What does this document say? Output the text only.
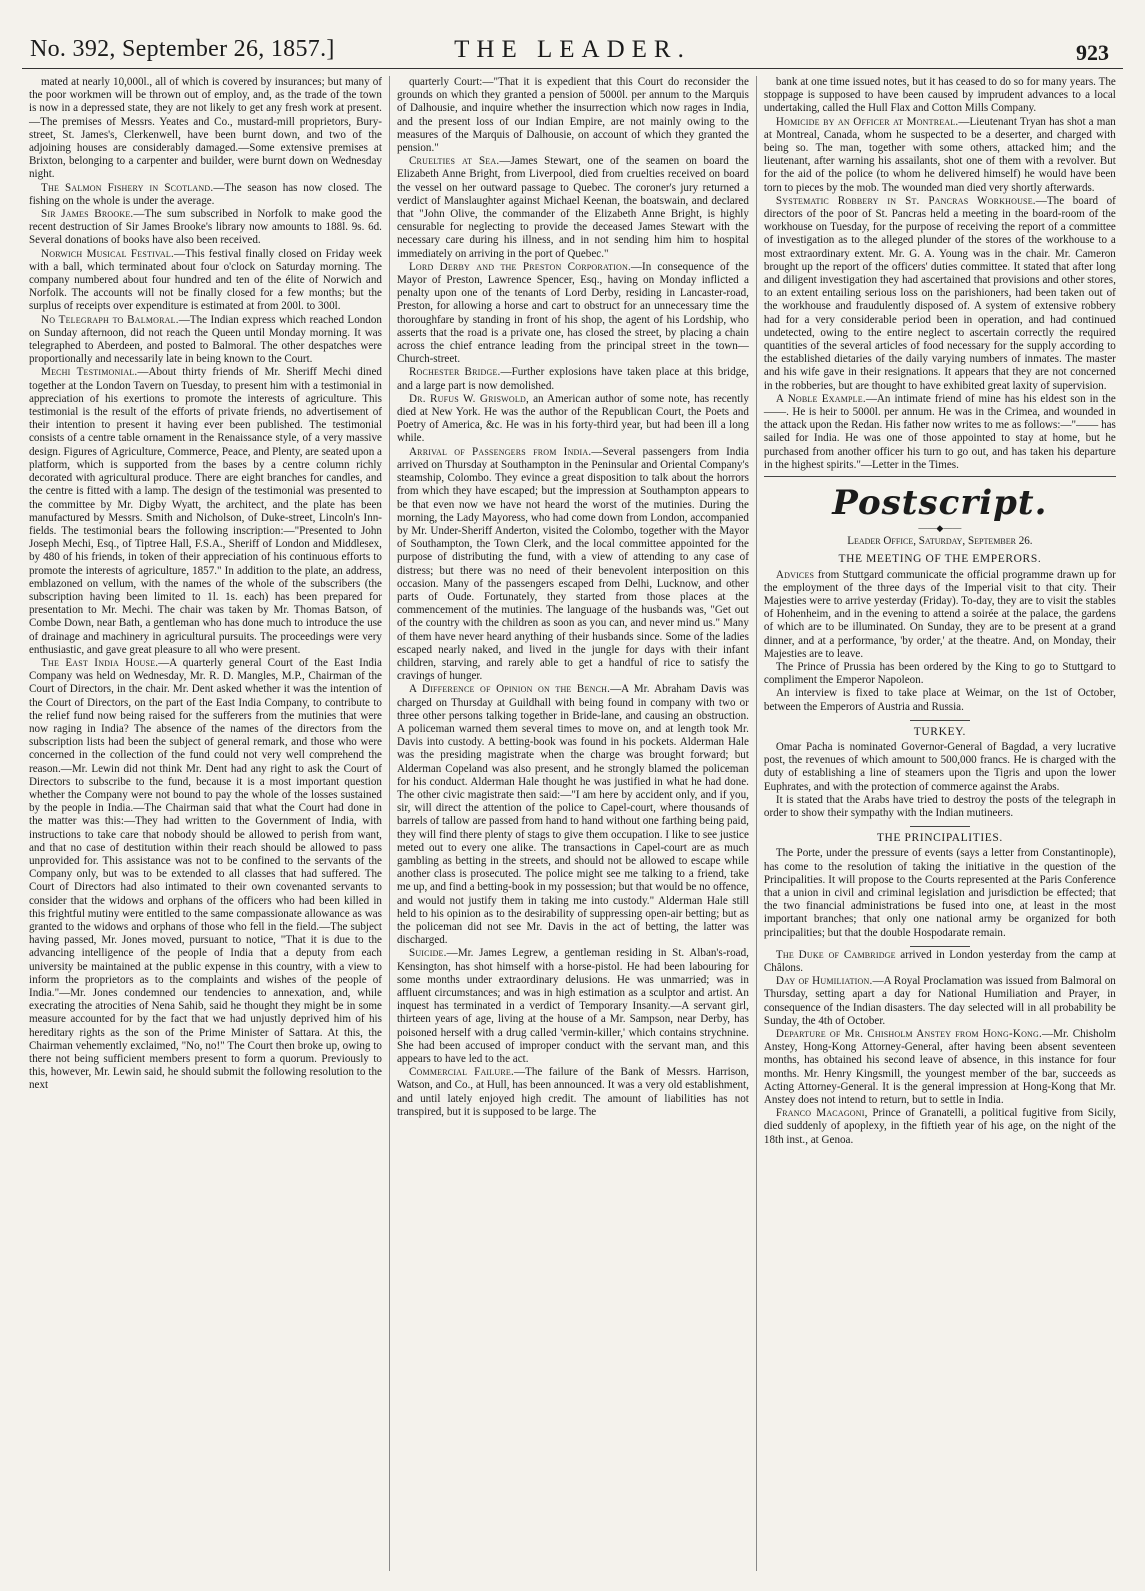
No. 392, September 26, 1857.]	THE LEADER.	923

mated at nearly 10,000l., all of which is covered by insurances; but many of the poor workmen will be thrown out of employ, and, as the trade of the town is now in a depressed state, they are not likely to get any fresh work at present.—The premises of Messrs. Yeates and Co., mustard-mill proprietors, Bury-street, St. James's, Clerkenwell, have been burnt down, and two of the adjoining houses are considerably damaged.—Some extensive premises at Brixton, belonging to a carpenter and builder, were burnt down on Wednesday night.

The Salmon Fishery in Scotland.—The season has now closed. The fishing on the whole is under the average.

Sir James Brooke.—The sum subscribed in Norfolk to make good the recent destruction of Sir James Brooke's library now amounts to 188l. 9s. 6d. Several donations of books have also been received.

Norwich Musical Festival.—This festival finally closed on Friday week with a ball, which terminated about four o'clock on Saturday morning. The company numbered about four hundred and ten of the élite of Norwich and Norfolk. The accounts will not be finally closed for a few months; but the surplus of receipts over expenditure is estimated at from 200l. to 300l.

No Telegraph to Balmoral.—The Indian express which reached London on Sunday afternoon, did not reach the Queen until Monday morning. It was telegraphed to Aberdeen, and posted to Balmoral. The other despatches were proportionally and necessarily late in being known to the Court.

Mechi Testimonial.—About thirty friends of Mr. Sheriff Mechi dined together at the London Tavern on Tuesday, to present him with a testimonial in appreciation of his exertions to promote the interests of agriculture. This testimonial is the result of the efforts of private friends, no advertisement of their intention to present it having ever been published. The testimonial consists of a centre table ornament in the Renaissance style, of a very massive design. Figures of Agriculture, Commerce, Peace, and Plenty, are seated upon a platform, which is supported from the bases by a centre column richly decorated with agricultural produce. There are eight branches for candles, and the centre is fitted with a lamp. The design of the testimonial was presented to the committee by Mr. Digby Wyatt, the architect, and the plate has been manufactured by Messrs. Smith and Nicholson, of Duke-street, Lincoln's Inn-fields. The testimonial bears the following inscription:—"Presented to John Joseph Mechi, Esq., of Tiptree Hall, F.S.A., Sheriff of London and Middlesex, by 480 of his friends, in token of their appreciation of his continuous efforts to promote the interests of agriculture, 1857." In addition to the plate, an address, emblazoned on vellum, with the names of the whole of the subscribers (the subscription having been limited to 1l. 1s. each) has been prepared for presentation to Mr. Mechi. The chair was taken by Mr. Thomas Batson, of Combe Down, near Bath, a gentleman who has done much to introduce the use of drainage and machinery in agricultural pursuits. The proceedings were very enthusiastic, and gave great pleasure to all who were present.

The East India House.—A quarterly general Court of the East India Company was held on Wednesday, Mr. R. D. Mangles, M.P., Chairman of the Court of Directors, in the chair. Mr. Dent asked whether it was the intention of the Court of Directors, on the part of the East India Company, to contribute to the relief fund now being raised for the sufferers from the mutinies that were now raging in India? The absence of the names of the directors from the subscription lists had been the subject of general remark, and those who were concerned in the collection of the fund could not very well comprehend the reason.—Mr. Lewin did not think Mr. Dent had any right to ask the Court of Directors to subscribe to the fund, because it is a most important question whether the Company were not bound to pay the whole of the losses sustained by the people in India.—The Chairman said that what the Court had done in the matter was this:—They had written to the Government of India, with instructions to take care that nobody should be allowed to perish from want, and that no case of destitution within their reach should be allowed to pass unprovided for. This assistance was not to be confined to the servants of the Company only, but was to be extended to all classes that had suffered. The Court of Directors had also intimated to their own covenanted servants to consider that the widows and orphans of the officers who had been killed in this frightful mutiny were entitled to the same compassionate allowance as was granted to the widows and orphans of those who fell in the field.—The subject having passed, Mr. Jones moved, pursuant to notice, "That it is due to the advancing intelligence of the people of India that a deputy from each university be maintained at the public expense in this country, with a view to inform the proprietors as to the complaints and wishes of the people of India."—Mr. Jones condemned our tendencies to annexation, and, while execrating the atrocities of Nena Sahib, said he thought they might be in some measure accounted for by the fact that we had unjustly deprived him of his hereditary rights as the son of the Prime Minister of Sattara. At this, the Chairman vehemently exclaimed, "No, no!" The Court then broke up, owing to there not being sufficient members present to form a quorum. Previously to this, however, Mr. Lewin said, he should submit the following resolution to the next

quarterly Court:—"That it is expedient that this Court do reconsider the grounds on which they granted a pension of 5000l. per annum to the Marquis of Dalhousie, and inquire whether the insurrection which now rages in India, and the present loss of our Indian Empire, are not mainly owing to the measures of the Marquis of Dalhousie, on account of which they granted the pension."

Cruelties at Sea.—James Stewart, one of the seamen on board the Elizabeth Anne Bright, from Liverpool, died from cruelties received on board the vessel on her outward passage to Quebec. The coroner's jury returned a verdict of Manslaughter against Michael Keenan, the boatswain, and declared that "John Olive, the commander of the Elizabeth Anne Bright, is highly censurable for neglecting to provide the deceased James Stewart with the necessary care during his illness, and in not sending him him to hospital immediately on arriving in the port of Quebec."

Lord Derby and the Preston Corporation.—In consequence of the Mayor of Preston, Lawrence Spencer, Esq., having on Monday inflicted a penalty upon one of the tenants of Lord Derby, residing in Lancaster-road, Preston, for allowing a horse and cart to obstruct for an unnecessary time the thoroughfare by standing in front of his shop, the agent of his Lordship, who asserts that the road is a private one, has closed the street, by placing a chain across the chief entrance leading from the principal street in the town—Church-street.

Rochester Bridge.—Further explosions have taken place at this bridge, and a large part is now demolished.

Dr. Rufus W. Griswold, an American author of some note, has recently died at New York. He was the author of the Republican Court, the Poets and Poetry of America, &c. He was in his forty-third year, but had been ill a long while.

Arrival of Passengers from India.—Several passengers from India arrived on Thursday at Southampton in the Peninsular and Oriental Company's steamship, Colombo. They evince a great disposition to talk about the horrors from which they have escaped; but the impression at Southampton appears to be that even now we have not heard the worst of the mutinies. During the morning, the Lady Mayoress, who had come down from London, accompanied by Mr. Under-Sheriff Anderton, visited the Colombo, together with the Mayor of Southampton, the Town Clerk, and the local committee appointed for the purpose of distributing the fund, with a view of attending to any case of distress; but there was no need of their benevolent interposition on this occasion. Many of the passengers escaped from Delhi, Lucknow, and other parts of Oude. Fortunately, they started from those places at the commencement of the mutinies. The language of the husbands was, "Get out of the country with the children as soon as you can, and never mind us." Many of them have never heard anything of their husbands since. Some of the ladies escaped nearly naked, and lived in the jungle for days with their infant children, starving, and rarely able to get a handful of rice to satisfy the cravings of hunger.

A Difference of Opinion on the Bench.—A Mr. Abraham Davis was charged on Thursday at Guildhall with being found in company with two or three other persons talking together in Bride-lane, and causing an obstruction. A policeman warned them several times to move on, and at length took Mr. Davis into custody. A betting-book was found in his pockets. Alderman Hale was the presiding magistrate when the charge was brought forward; but Alderman Copeland was also present, and he strongly blamed the policeman for his conduct. Alderman Hale thought he was justified in what he had done. The other civic magistrate then said:—"I am here by accident only, and if you, sir, will direct the attention of the police to Capel-court, where thousands of barrels of tallow are passed from hand to hand without one farthing being paid, they will find there plenty of stags to give them occupation. I like to see justice meted out to every one alike. The transactions in Capel-court are as much gambling as betting in the streets, and should not be allowed to escape while another class is prosecuted. The police might see me talking to a friend, take me up, and find a betting-book in my possession; but that would be no offence, and would not justify them in taking me into custody." Alderman Hale still held to his opinion as to the desirability of suppressing open-air betting; but as the policeman did not see Mr. Davis in the act of betting, the latter was discharged.

Suicide.—Mr. James Legrew, a gentleman residing in St. Alban's-road, Kensington, has shot himself with a horse-pistol. He had been labouring for some months under extraordinary delusions. He was unmarried; was in affluent circumstances; and was in high estimation as a sculptor and artist. An inquest has terminated in a verdict of Temporary Insanity.—A servant girl, thirteen years of age, living at the house of a Mr. Sampson, near Derby, has poisoned herself with a drug called 'vermin-killer,' which contains strychnine. She had been accused of improper conduct with the servant man, and this appears to have led to the act.

Commercial Failure.—The failure of the Bank of Messrs. Harrison, Watson, and Co., at Hull, has been announced. It was a very old establishment, and until lately enjoyed high credit. The amount of liabilities has not transpired, but it is supposed to be large. The

bank at one time issued notes, but it has ceased to do so for many years. The stoppage is supposed to have been caused by imprudent advances to a local undertaking, called the Hull Flax and Cotton Mills Company.

Homicide by an Officer at Montreal.—Lieutenant Tryan has shot a man at Montreal, Canada, whom he suspected to be a deserter, and charged with being so. The man, together with some others, attacked him; and the lieutenant, after warning his assailants, shot one of them with a revolver. But for the aid of the police (to whom he delivered himself) he would have been torn to pieces by the mob. The wounded man died very shortly afterwards.

Systematic Robbery in St. Pancras Workhouse.—The board of directors of the poor of St. Pancras held a meeting in the board-room of the workhouse on Tuesday, for the purpose of receiving the report of a committee of investigation as to the alleged plunder of the stores of the workhouse to a most extraordinary extent. Mr. G. A. Young was in the chair. Mr. Cameron brought up the report of the officers' duties committee. It stated that after long and diligent investigation they had ascertained that provisions and other stores, to an extent entailing serious loss on the parishioners, had been taken out of the workhouse and fraudulently disposed of. A system of extensive robbery had for a very considerable period been in operation, and had continued undetected, owing to the entire neglect to ascertain correctly the required quantities of the several articles of food necessary for the supply according to the established dietaries of the daily varying numbers of inmates. The master and his wife gave in their resignations. It appears that they are not concerned in the robberies, but are thought to have exhibited great laxity of supervision.

A Noble Example.—An intimate friend of mine has his eldest son in the ——. He is heir to 5000l. per annum. He was in the Crimea, and wounded in the attack upon the Redan. His father now writes to me as follows:—"—— has sailed for India. He was one of those appointed to stay at home, but he purchased from another officer his turn to go out, and has taken his departure in the highest spirits."—Letter in the Times.

Postscript.
——◆——
Leader Office, Saturday, September 26.
THE MEETING OF THE EMPERORS.

Advices from Stuttgard communicate the official programme drawn up for the employment of the three days of the Imperial visit to that city. Their Majesties were to arrive yesterday (Friday). To-day, they are to visit the stables of Hohenheim, and in the evening to attend a soirée at the palace, the gardens of which are to be illuminated. On Sunday, they are to be present at a grand dinner, and at a performance, 'by order,' at the theatre. And, on Monday, their Majesties are to leave.

The Prince of Prussia has been ordered by the King to go to Stuttgard to compliment the Emperor Napoleon.

An interview is fixed to take place at Weimar, on the 1st of October, between the Emperors of Austria and Russia.

TURKEY.

Omar Pacha is nominated Governor-General of Bagdad, a very lucrative post, the revenues of which amount to 500,000 francs. He is charged with the duty of establishing a line of steamers upon the Tigris and upon the lower Euphrates, and with the protection of commerce against the Arabs.

It is stated that the Arabs have tried to destroy the posts of the telegraph in order to show their sympathy with the Indian mutineers.

THE PRINCIPALITIES.

The Porte, under the pressure of events (says a letter from Constantinople), has come to the resolution of taking the initiative in the question of the Principalities. It will propose to the Courts represented at the Paris Conference that a union in civil and criminal legislation and jurisdiction be effected; that the two financial administrations be fused into one, at least in the most important branches; that only one national army be organized for both principalities; but that the double Hospodarate remain.

The Duke of Cambridge arrived in London yesterday from the camp at Châlons.

Day of Humiliation.—A Royal Proclamation was issued from Balmoral on Thursday, setting apart a day for National Humiliation and Prayer, in consequence of the Indian disasters. The day selected will in all probability be Sunday, the 4th of October.

Departure of Mr. Chisholm Anstey from Hong-Kong.—Mr. Chisholm Anstey, Hong-Kong Attorney-General, after having been absent seventeen months, has obtained his second leave of absence, in this instance for four months. Mr. Henry Kingsmill, the youngest member of the bar, succeeds as Acting Attorney-General. It is the general impression at Hong-Kong that Mr. Anstey does not intend to return, but to settle in India.

Franco Macagoni, Prince of Granatelli, a political fugitive from Sicily, died suddenly of apoplexy, in the fiftieth year of his age, on the night of the 18th inst., at Genoa.
